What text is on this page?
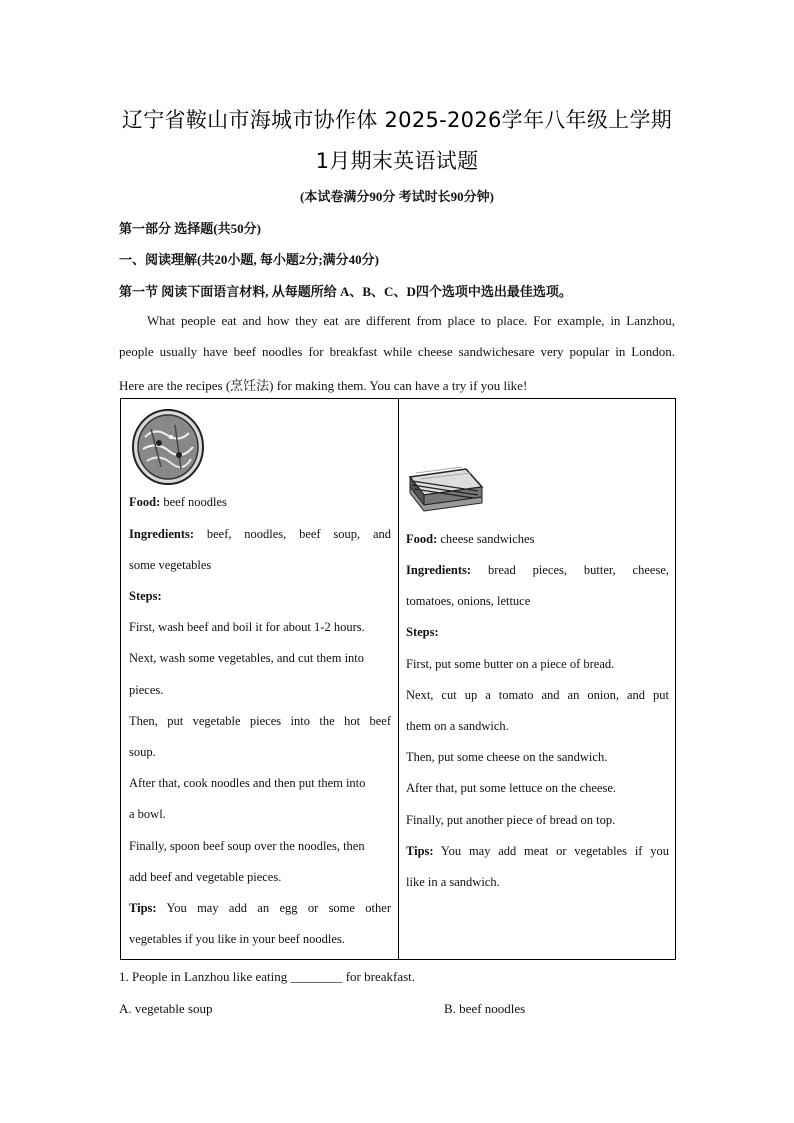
辽宁省鞍山市海城市协作体 2025-2026学年八年级上学期
1月期末英语试题
(本试卷满分90分 考试时长90分钟)
第一部分 选择题(共50分)
一、阅读理解(共20小题, 每小题2分;满分40分)
第一节 阅读下面语言材料, 从每题所给 A、B、C、D四个选项中选出最佳选项。
What people eat and how they eat are different from place to place. For example, in Lanzhou,
people usually have beef noodles for breakfast while cheese sandwichesare very popular in London.
Here are the recipes (烹饪法) for making them. You can have a try if you like!
Food: beef noodles
Ingredients: beef, noodles, beef soup, and
some vegetables
Steps:
First, wash beef and boil it for about 1-2 hours.
Next, wash some vegetables, and cut them into
pieces.
Then, put vegetable pieces into the hot beef
soup.
After that, cook noodles and then put them into
a bowl.
Finally, spoon beef soup over the noodles, then
add beef and vegetable pieces.
Tips: You may add an egg or some other
vegetables if you like in your beef noodles.
Food: cheese sandwiches
Ingredients: bread pieces, butter, cheese,
tomatoes, onions, lettuce
Steps:
First, put some butter on a piece of bread.
Next, cut up a tomato and an onion, and put
them on a sandwich.
Then, put some cheese on the sandwich.
After that, put some lettuce on the cheese.
Finally, put another piece of bread on top.
Tips: You may add meat or vegetables if you
like in a sandwich.
1. People in Lanzhou like eating ________ for breakfast.
A. vegetable soup	B. beef noodles
